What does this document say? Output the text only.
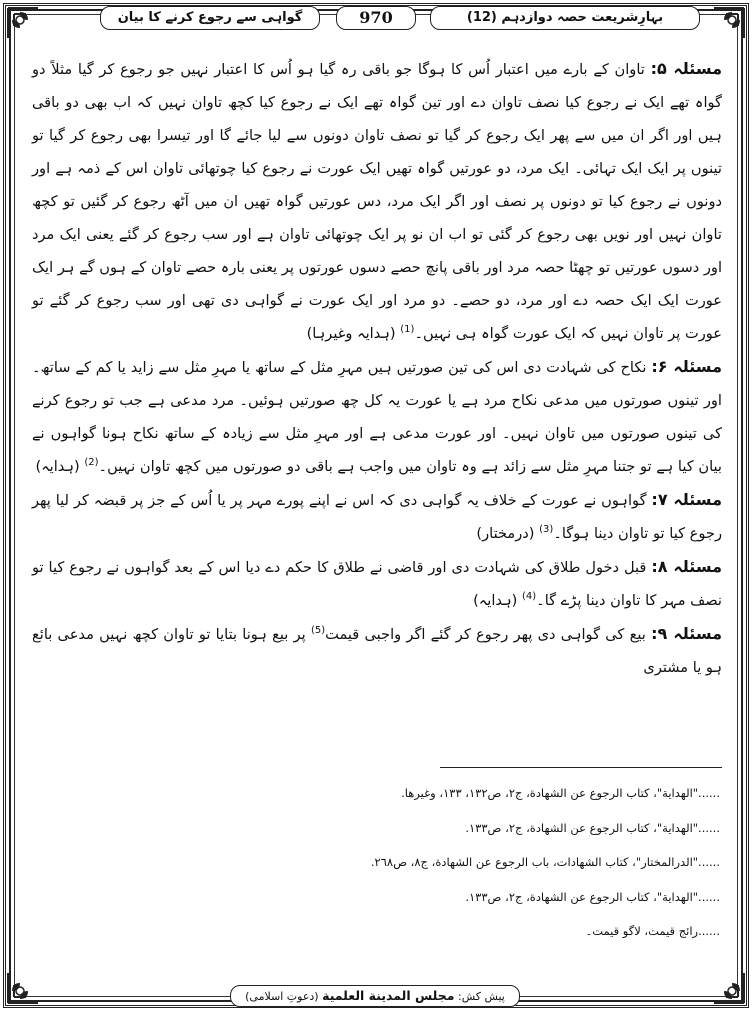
گواہی سے رجوع کرنے کا بیان	970	بہارِشریعت حصہ دوازدہم (12)

مسئلہ ۵: تاوان کے بارے میں اعتبار اُس کا ہوگا جو باقی رہ گیا ہو اُس کا اعتبار نہیں جو رجوع کر گیا مثلاً دو گواہ تھے ایک نے رجوع کیا نصف تاوان دے اور تین گواہ تھے ایک نے رجوع کیا کچھ تاوان نہیں کہ اب بھی دو باقی ہیں اور اگر ان میں سے پھر ایک رجوع کر گیا تو نصف تاوان دونوں سے لیا جائے گا اور تیسرا بھی رجوع کر گیا تو تینوں پر ایک ایک تہائی۔ ایک مرد، دو عورتیں گواہ تھیں ایک عورت نے رجوع کیا چوتھائی تاوان اس کے ذمہ ہے اور دونوں نے رجوع کیا تو دونوں پر نصف اور اگر ایک مرد، دس عورتیں گواہ تھیں ان میں آٹھ رجوع کر گئیں تو کچھ تاوان نہیں اور نویں بھی رجوع کر گئی تو اب ان نو پر ایک چوتھائی تاوان ہے اور سب رجوع کر گئے یعنی ایک مرد اور دسوں عورتیں تو چھٹا حصہ مرد اور باقی پانچ حصے دسوں عورتوں پر یعنی بارہ حصے تاوان کے ہوں گے ہر ایک عورت ایک ایک حصہ دے اور مرد، دو حصے۔ دو مرد اور ایک عورت نے گواہی دی تھی اور سب رجوع کر گئے تو عورت پر تاوان نہیں کہ ایک عورت گواہ ہی نہیں۔$^{(1)}$ (ہدایہ وغیرہا)

مسئلہ ۶: نکاح کی شہادت دی اس کی تین صورتیں ہیں مہرِ مثل کے ساتھ یا مہرِ مثل سے زاید یا کم کے ساتھ۔ اور تینوں صورتوں میں مدعی نکاح مرد ہے یا عورت یہ کل چھ صورتیں ہوئیں۔ مرد مدعی ہے جب تو رجوع کرنے کی تینوں صورتوں میں تاوان نہیں۔ اور عورت مدعی ہے اور مہرِ مثل سے زیادہ کے ساتھ نکاح ہونا گواہوں نے بیان کیا ہے تو جتنا مہرِ مثل سے زائد ہے وہ تاوان میں واجب ہے باقی دو صورتوں میں کچھ تاوان نہیں۔$^{(2)}$ (ہدایہ)

مسئلہ ۷: گواہوں نے عورت کے خلاف یہ گواہی دی کہ اس نے اپنے پورے مہر پر یا اُس کے جز پر قبضہ کر لیا پھر رجوع کیا تو تاوان دینا ہوگا۔$^{(3)}$ (درمختار)

مسئلہ ۸: قبل دخول طلاق کی شہادت دی اور قاضی نے طلاق کا حکم دے دیا اس کے بعد گواہوں نے رجوع کیا تو نصف مہر کا تاوان دینا پڑے گا۔$^{(4)}$ (ہدایہ)

مسئلہ ۹: بیع کی گواہی دی پھر رجوع کر گئے اگر واجبی قیمت$^{(5)}$ پر بیع ہونا بتایا تو تاوان کچھ نہیں مدعی بائع ہو یا مشتری

......"الهداية"، كتاب الرجوع عن الشهادة، ج٢، ص١٣٢، ١٣٣، وغيرها.
......"الهداية"، كتاب الرجوع عن الشهادة، ج٢، ص١٣٣.
......"الدرالمختار"، كتاب الشهادات، باب الرجوع عن الشهادة، ج٨، ص٢٦٨.
......"الهداية"، كتاب الرجوع عن الشهادة، ج٢، ص١٣٣.
......رائج قیمت، لاگو قیمت۔
پیش کش: مجلس المدينة العلمية (دعوتِ اسلامی)
